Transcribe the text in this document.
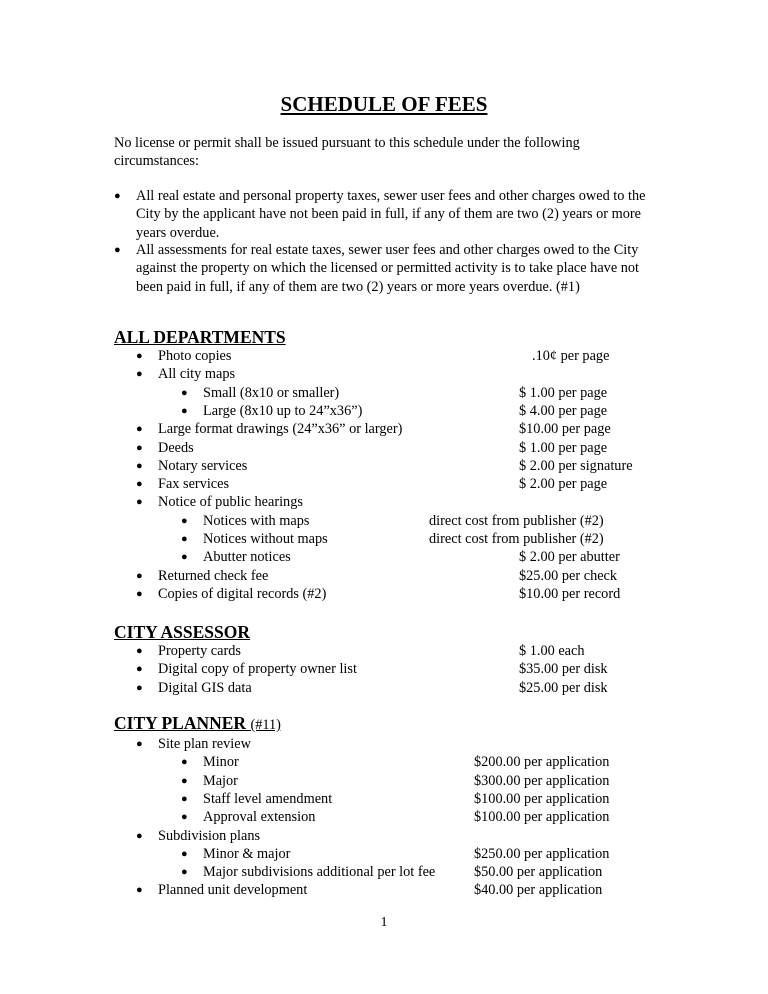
SCHEDULE OF FEES
No license or permit shall be issued pursuant to this schedule under the following circumstances:
● All real estate and personal property taxes, sewer user fees and other charges owed to the City by the applicant have not been paid in full, if any of them are two (2) years or more years overdue.
● All assessments for real estate taxes, sewer user fees and other charges owed to the City against the property on which the licensed or permitted activity is to take place have not been paid in full, if any of them are two (2) years or more years overdue. (#1)
ALL DEPARTMENTS
● Photo copies	.10¢ per page
● All city maps
● Small (8x10 or smaller)	$ 1.00 per page
● Large (8x10 up to 24”x36”)	$ 4.00 per page
● Large format drawings (24”x36” or larger)	$10.00 per page
● Deeds	$ 1.00 per page
● Notary services	$ 2.00 per signature
● Fax services	$ 2.00 per page
● Notice of public hearings
● Notices with maps	direct cost from publisher (#2)
● Notices without maps	direct cost from publisher (#2)
● Abutter notices	$ 2.00 per abutter
● Returned check fee	$25.00 per check
● Copies of digital records (#2)	$10.00 per record
CITY ASSESSOR
● Property cards	$ 1.00 each
● Digital copy of property owner list	$35.00 per disk
● Digital GIS data	$25.00 per disk
CITY PLANNER (#11)
● Site plan review
● Minor	$200.00 per application
● Major	$300.00 per application
● Staff level amendment	$100.00 per application
● Approval extension	$100.00 per application
● Subdivision plans
● Minor & major	$250.00 per application
● Major subdivisions additional per lot fee	$50.00 per application
● Planned unit development	$40.00 per application
1
